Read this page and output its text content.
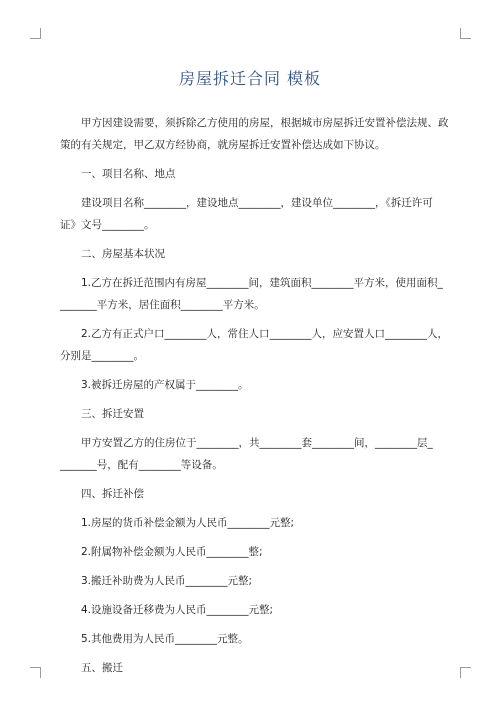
房屋拆迁合同 模板
甲方因建设需要，须拆除乙方使用的房屋，根据城市房屋拆迁安置补偿法规、政
策的有关规定，甲乙双方经协商，就房屋拆迁安置补偿达成如下协议。
一、项目名称、地点
建设项目名称________，建设地点________，建设单位________，《拆迁许可
证》文号________。
二、房屋基本状况
1.乙方在拆迁范围内有房屋________间，建筑面积________平方米，使用面积_
_______平方米，居住面积________平方米。
2.乙方有正式户口________人，常住人口________人，应安置人口________人，
分别是________。
3.被拆迁房屋的产权属于________。
三、拆迁安置
甲方安置乙方的住房位于________，共________套________间，________层_
_______号，配有________等设备。
四、拆迁补偿
1.房屋的货币补偿金额为人民币________元整;
2.附属物补偿金额为人民币________整;
3.搬迁补助费为人民币________元整;
4.设施设备迁移费为人民币________元整;
5.其他费用为人民币________元整。
五、搬迁
